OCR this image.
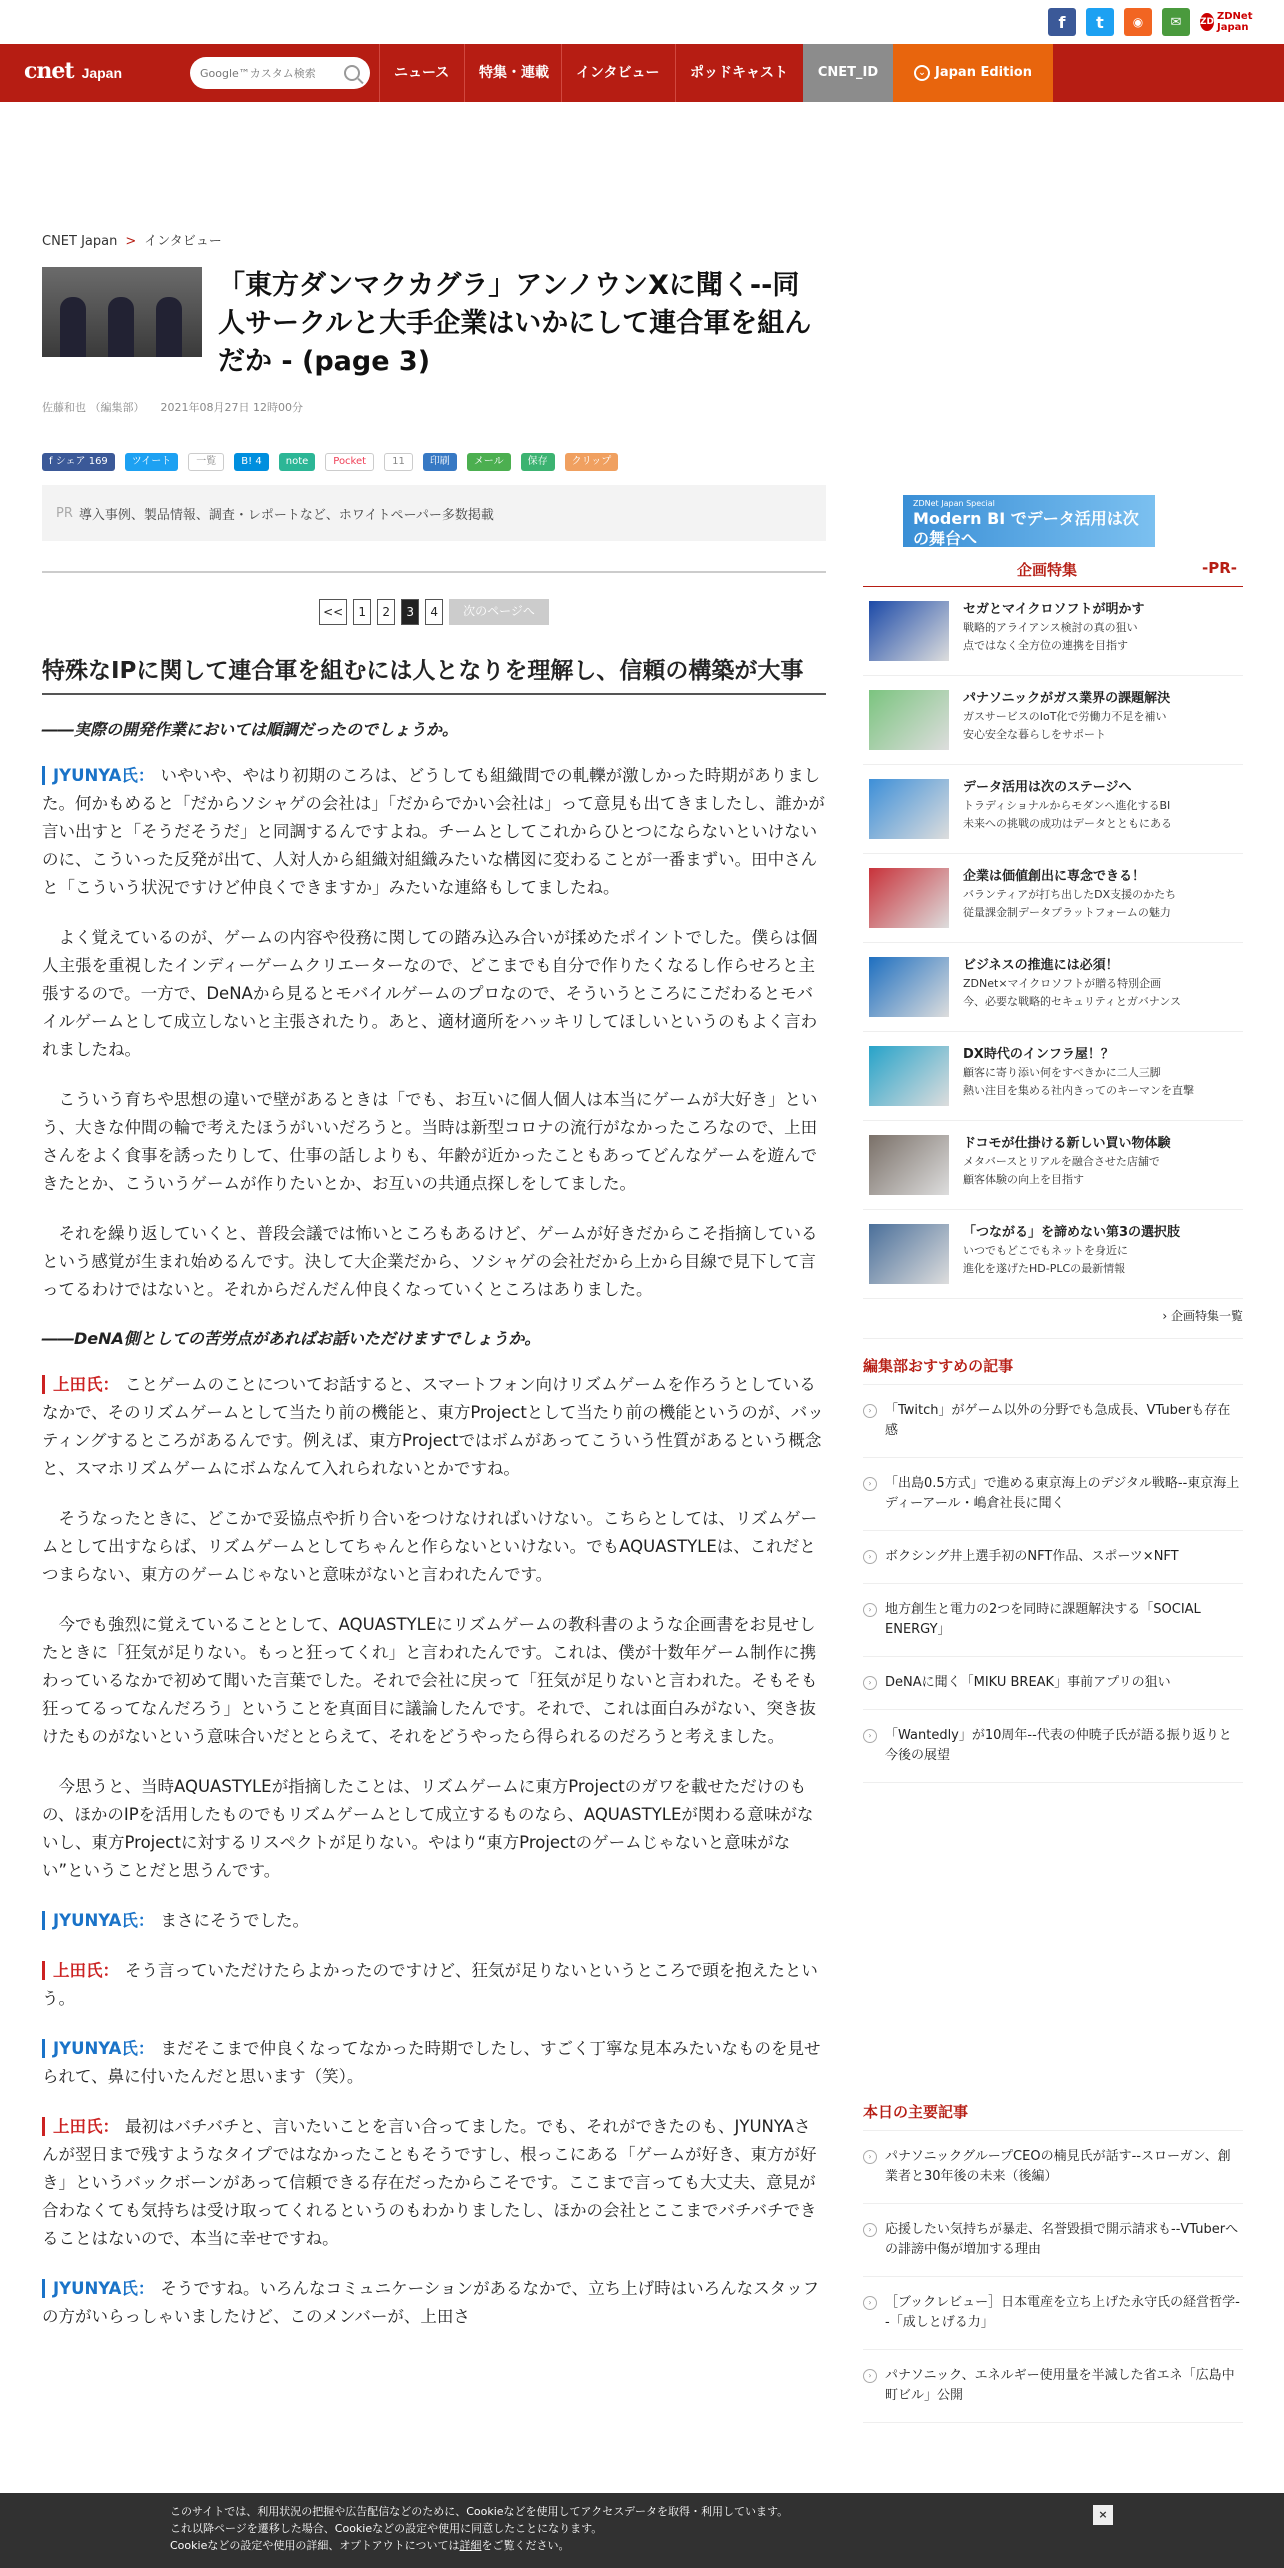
f	t	◉	✉	ZD ZDNet Japan
cnet Japan	Google™カスタム検索	ニュース	特集・連載	インタビュー	ポッドキャスト	CNET_ID	⌄ Japan Edition
CNET Japan > インタビュー
「東方ダンマクカグラ」アンノウンXに聞く--同人サークルと大手企業はいかにして連合軍を組んだか - (page 3)
佐藤和也 （編集部） 2021年08月27日 12時00分
f シェア 169	ツイート	一覧	B! 4	note	Pocket	11	印刷	メール	保存	クリップ
PR 導入事例、製品情報、調査・レポートなど、ホワイトペーパー多数掲載
<<	1	2	3	4	次のページへ
特殊なIPに関して連合軍を組むには人となりを理解し、信頼の構築が大事

――実際の開発作業においては順調だったのでしょうか。

JYUNYA氏： いやいや、やはり初期のころは、どうしても組織間での軋轢が激しかった時期がありました。何かもめると「だからソシャゲの会社は」「だからでかい会社は」って意見も出てきましたし、誰かが言い出すと「そうだそうだ」と同調するんですよね。チームとしてこれからひとつにならないといけないのに、こういった反発が出て、人対人から組織対組織みたいな構図に変わることが一番まずい。田中さんと「こういう状況ですけど仲良くできますか」みたいな連絡もしてましたね。

よく覚えているのが、ゲームの内容や役務に関しての踏み込み合いが揉めたポイントでした。僕らは個人主張を重視したインディーゲームクリエーターなので、どこまでも自分で作りたくなるし作らせろと主張するので。一方で、DeNAから見るとモバイルゲームのプロなので、そういうところにこだわるとモバイルゲームとして成立しないと主張されたり。あと、適材適所をハッキリしてほしいというのもよく言われましたね。

こういう育ちや思想の違いで壁があるときは「でも、お互いに個人個人は本当にゲームが大好き」という、大きな仲間の輪で考えたほうがいいだろうと。当時は新型コロナの流行がなかったころなので、上田さんをよく食事を誘ったりして、仕事の話しよりも、年齢が近かったこともあってどんなゲームを遊んできたとか、こういうゲームが作りたいとか、お互いの共通点探しをしてました。

それを繰り返していくと、普段会議では怖いところもあるけど、ゲームが好きだからこそ指摘しているという感覚が生まれ始めるんです。決して大企業だから、ソシャゲの会社だから上から目線で見下して言ってるわけではないと。それからだんだん仲良くなっていくところはありました。

――DeNA側としての苦労点があればお話いただけますでしょうか。

上田氏： ことゲームのことについてお話すると、スマートフォン向けリズムゲームを作ろうとしているなかで、そのリズムゲームとして当たり前の機能と、東方Projectとして当たり前の機能というのが、バッティングするところがあるんです。例えば、東方Projectではボムがあってこういう性質があるという概念と、スマホリズムゲームにボムなんて入れられないとかですね。

そうなったときに、どこかで妥協点や折り合いをつけなければいけない。こちらとしては、リズムゲームとして出すならば、リズムゲームとしてちゃんと作らないといけない。でもAQUASTYLEは、これだとつまらない、東方のゲームじゃないと意味がないと言われたんです。

今でも強烈に覚えていることとして、AQUASTYLEにリズムゲームの教科書のような企画書をお見せしたときに「狂気が足りない。もっと狂ってくれ」と言われたんです。これは、僕が十数年ゲーム制作に携わっているなかで初めて聞いた言葉でした。それで会社に戻って「狂気が足りないと言われた。そもそも狂ってるってなんだろう」ということを真面目に議論したんです。それで、これは面白みがない、突き抜けたものがないという意味合いだととらえて、それをどうやったら得られるのだろうと考えました。

今思うと、当時AQUASTYLEが指摘したことは、リズムゲームに東方Projectのガワを載せただけのもの、ほかのIPを活用したものでもリズムゲームとして成立するものなら、AQUASTYLEが関わる意味がないし、東方Projectに対するリスペクトが足りない。やはり“東方Projectのゲームじゃないと意味がない”ということだと思うんです。

JYUNYA氏： まさにそうでした。

上田氏： そう言っていただけたらよかったのですけど、狂気が足りないというところで頭を抱えたという。

JYUNYA氏： まだそこまで仲良くなってなかった時期でしたし、すごく丁寧な見本みたいなものを見せられて、鼻に付いたんだと思います（笑）。

上田氏： 最初はバチバチと、言いたいことを言い合ってました。でも、それができたのも、JYUNYAさんが翌日まで残すようなタイプではなかったこともそうですし、根っこにある「ゲームが好き、東方が好き」というバックボーンがあって信頼できる存在だったからこそです。ここまで言っても大丈夫、意見が合わなくても気持ちは受け取ってくれるというのもわかりましたし、ほかの会社とここまでバチバチできることはないので、本当に幸せですね。

JYUNYA氏： そうですね。いろんなコミュニケーションがあるなかで、立ち上げ時はいろんなスタッフの方がいらっしゃいましたけど、このメンバーが、上田さ

ZDNet Japan Special
Modern BI でデータ活用は次の舞台へ
企画特集	-PR-
セガとマイクロソフトが明かす
戦略的アライアンス検討の真の狙い
点ではなく全方位の連携を目指す
パナソニックがガス業界の課題解決
ガスサービスのIoT化で労働力不足を補い
安心安全な暮らしをサポート
データ活用は次のステージへ
トラディショナルからモダンへ進化するBI
未来への挑戦の成功はデータとともにある
企業は価値創出に専念できる！
バランティアが打ち出したDX支援のかたち
従量課金制データプラットフォームの魅力
ビジネスの推進には必須！
ZDNet×マイクロソフトが贈る特別企画
今、必要な戦略的セキュリティとガバナンス
DX時代のインフラ屋！？
顧客に寄り添い何をすべきかに二人三脚
熱い注目を集める社内きってのキーマンを直撃
ドコモが仕掛ける新しい買い物体験
メタバースとリアルを融合させた店舗で
顧客体験の向上を目指す
「つながる」を諦めない第3の選択肢
いつでもどこでもネットを身近に
進化を遂げたHD-PLCの最新情報
› 企画特集一覧
編集部おすすめの記事
›	「Twitch」がゲーム以外の分野でも急成長、VTuberも存在感
›	「出島0.5方式」で進める東京海上のデジタル戦略--東京海上ディーアール・嶋倉社長に聞く
›	ボクシング井上選手初のNFT作品、スポーツ×NFT
›	地方創生と電力の2つを同時に課題解決する「SOCIAL ENERGY」
›	DeNAに聞く「MIKU BREAK」事前アプリの狙い
›	「Wantedly」が10周年--代表の仲暁子氏が語る振り返りと今後の展望
本日の主要記事
›	パナソニックグループCEOの楠見氏が話す--スローガン、創業者と30年後の未来（後編）
›	応援したい気持ちが暴走、名誉毀損で開示請求も--VTuberへの誹謗中傷が増加する理由
›	［ブックレビュー］日本電産を立ち上げた永守氏の経営哲学--「成しとげる力」
›	パナソニック、エネルギー使用量を半減した省エネ「広島中町ビル」公開
このサイトでは、利用状況の把握や広告配信などのために、Cookieなどを使用してアクセスデータを取得・利用しています。
これ以降ページを遷移した場合、Cookieなどの設定や使用に同意したことになります。
Cookieなどの設定や使用の詳細、オプトアウトについては詳細をご覧ください。
×
